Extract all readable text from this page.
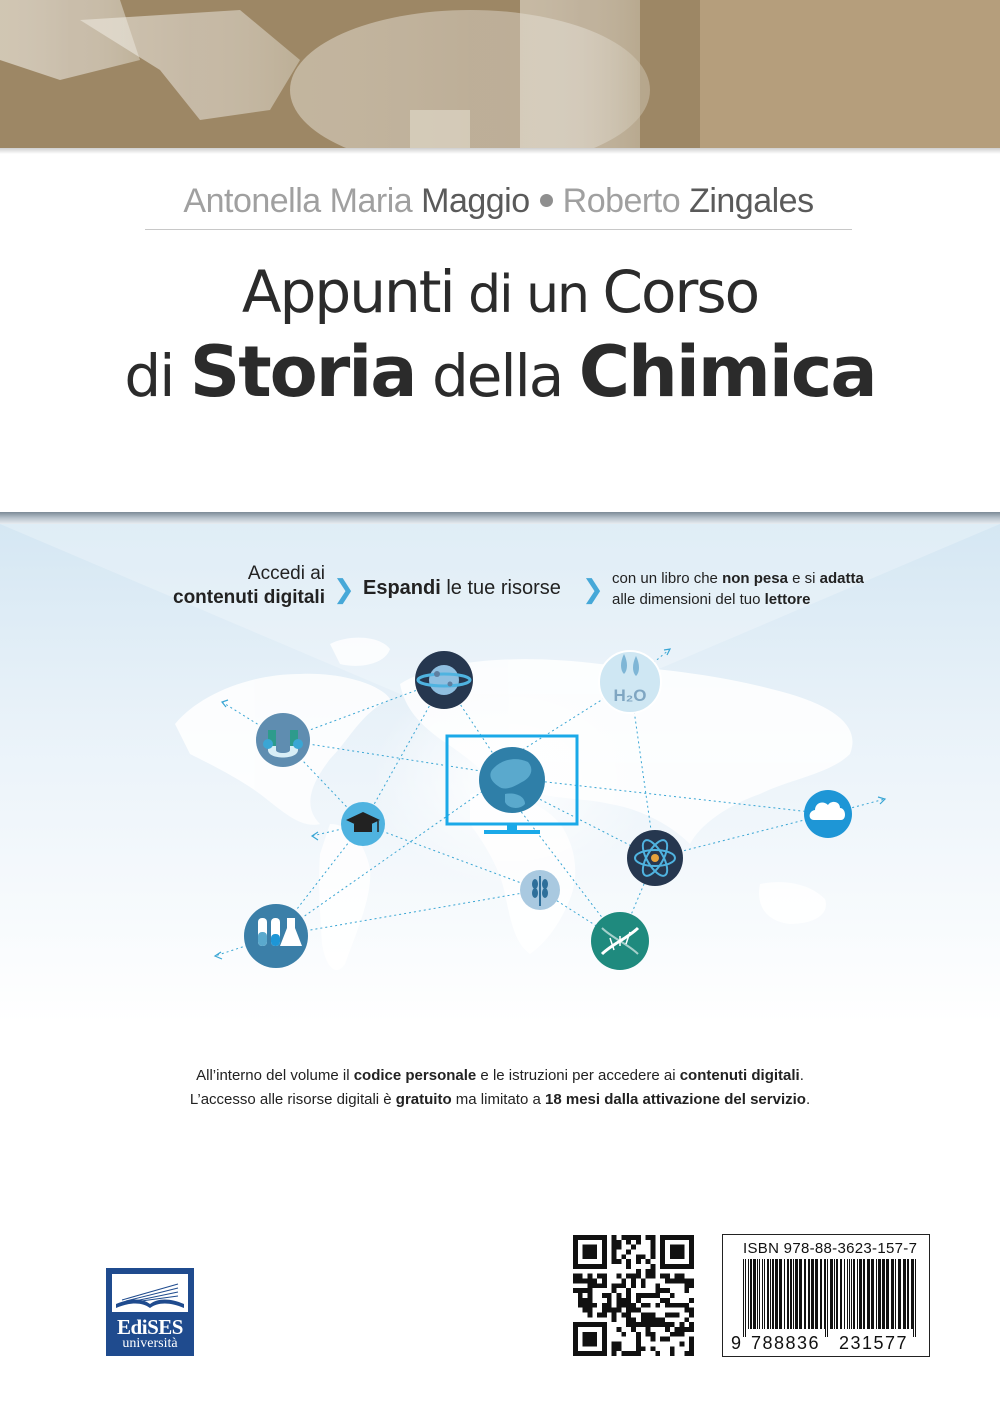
Antonella Maria Maggio Roberto Zingales
Appunti di un Corso
di Storia della Chimica
H₂O
Accedi ai
contenuti digitali ❯ Espandi le tue risorse ❯ con un libro che non pesa e si adatta
alle dimensioni del tuo lettore
All’interno del volume il codice personale e le istruzioni per accedere ai contenuti digitali.
L’accesso alle risorse digitali è gratuito ma limitato a 18 mesi dalla attivazione del servizio.
EdiSES
università
ISBN 978-88-3623-157-7
9 788836 231577
